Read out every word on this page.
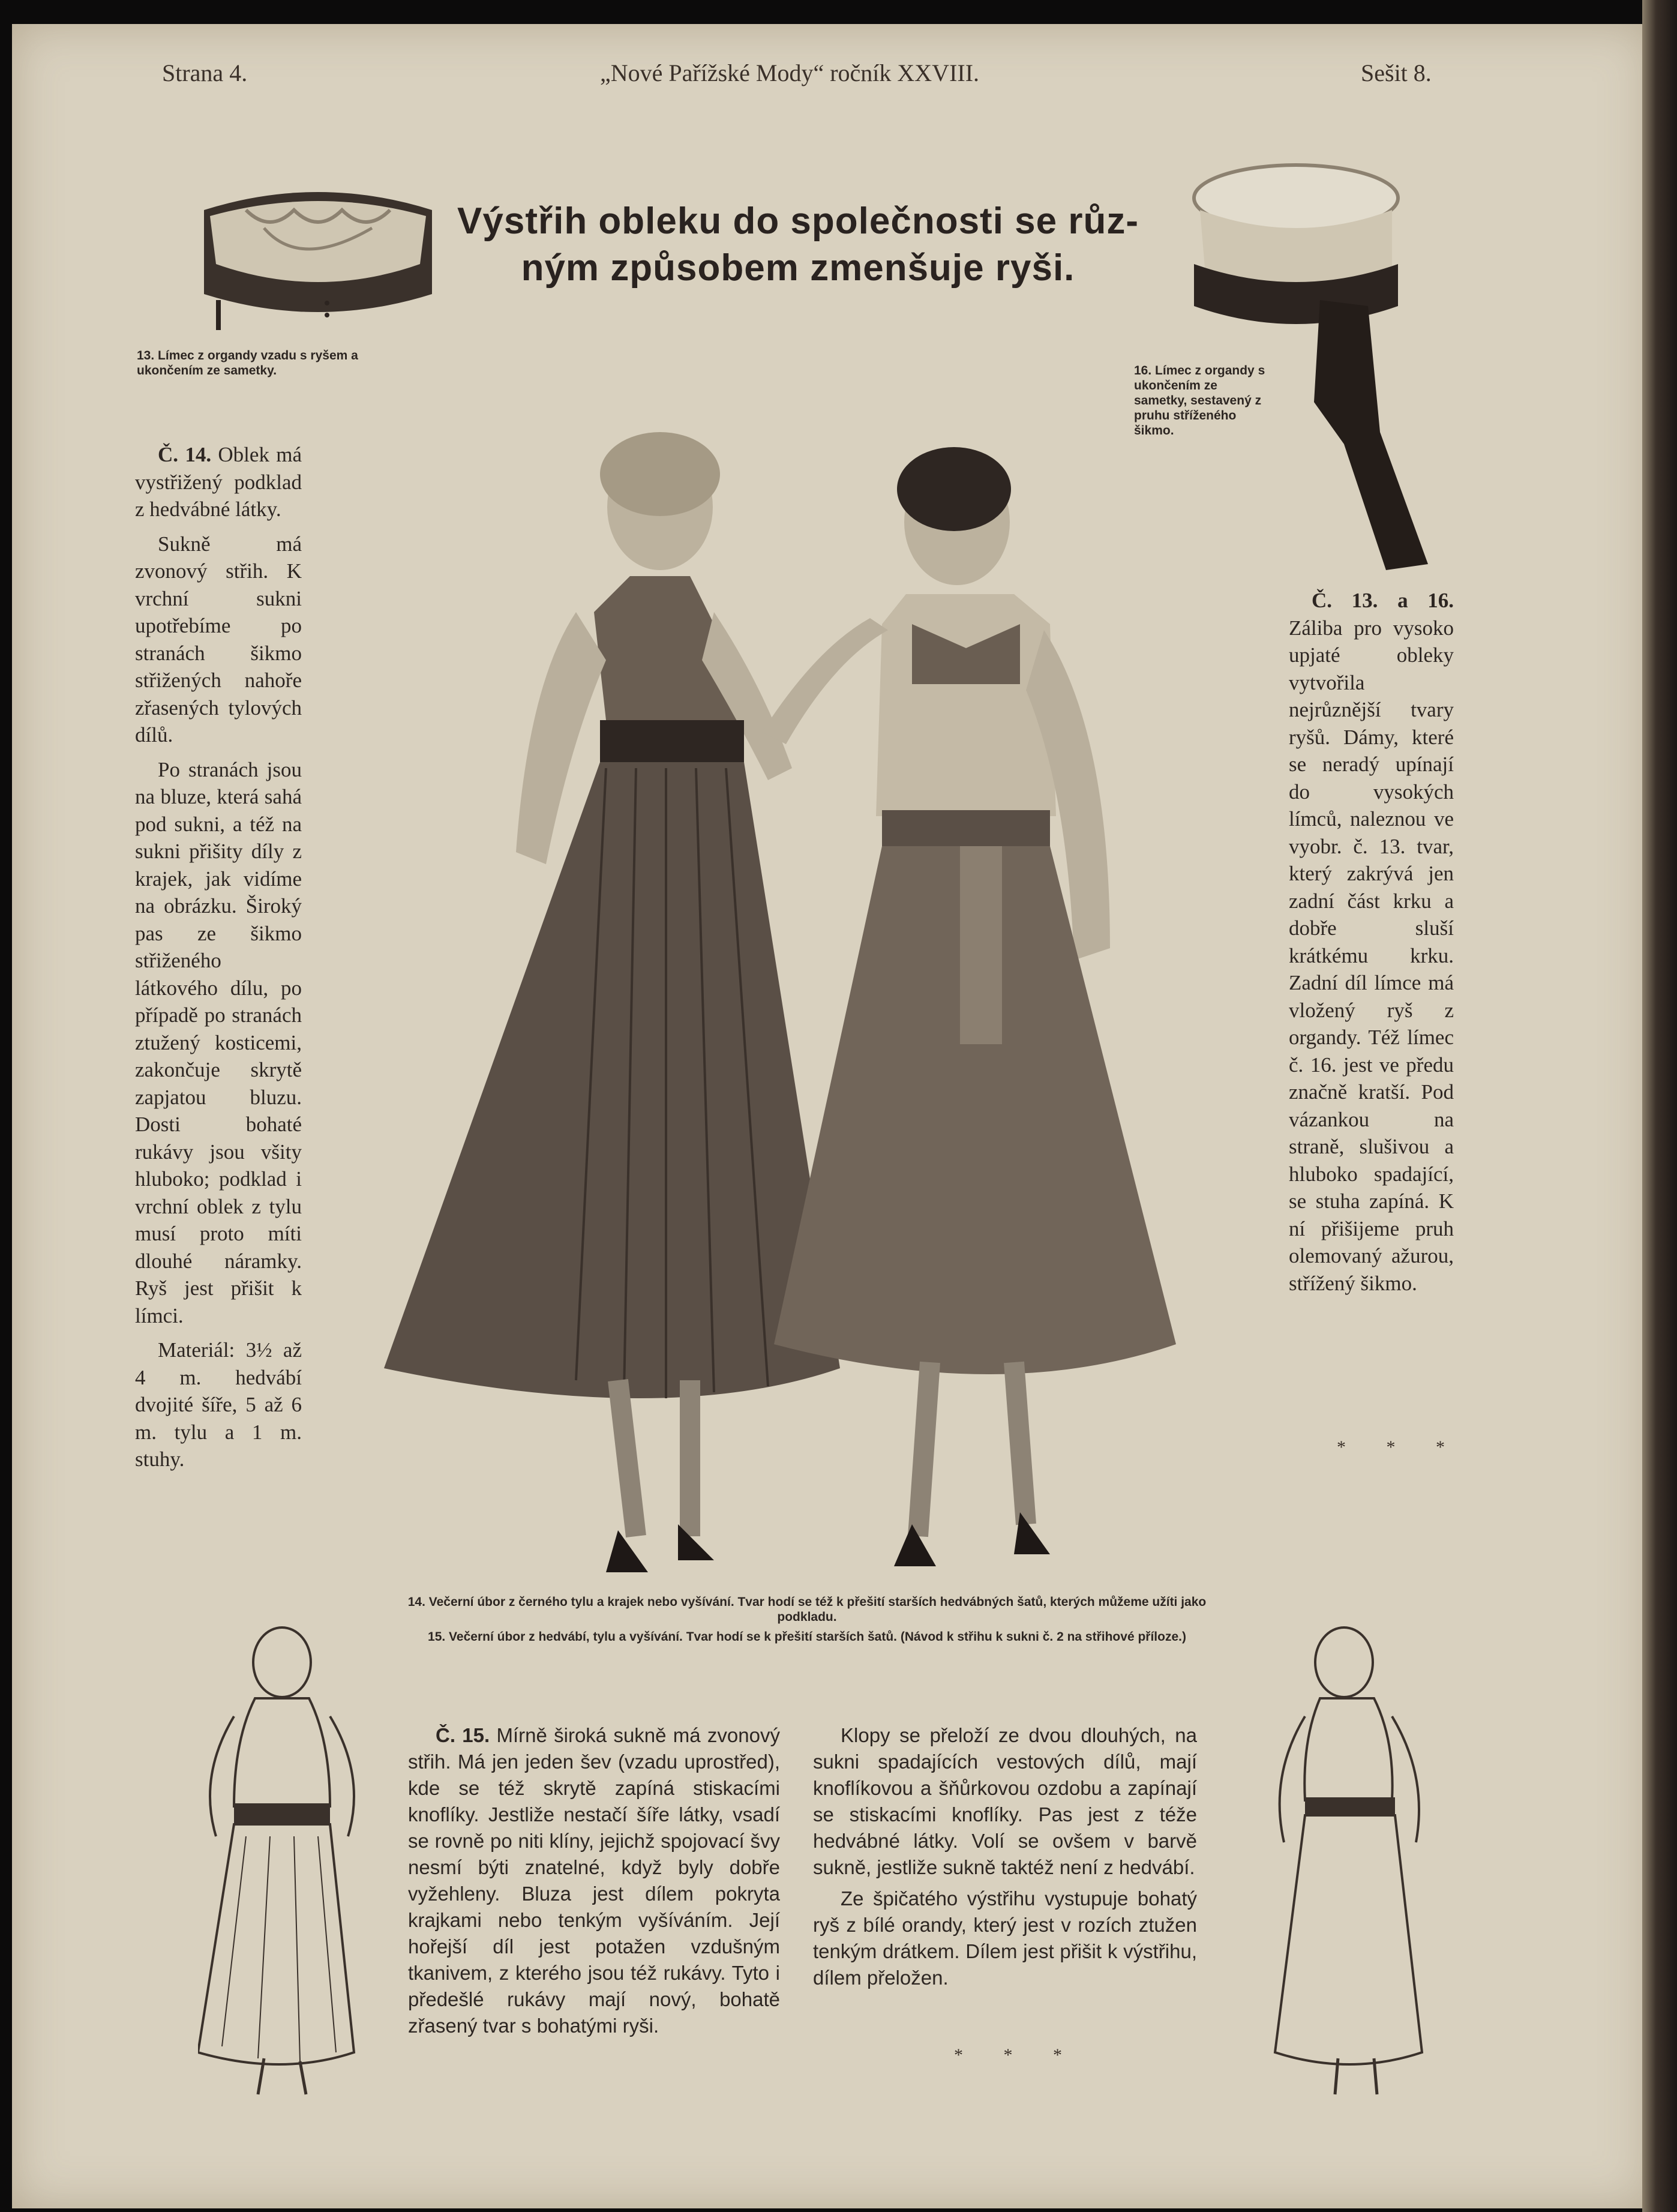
Strana 4.	„Nové Pařížské Mody“ ročník XXVIII.	Sešit 8.
Výstřih obleku do společnosti se růz-
ným způsobem zmenšuje ryši.
13. Límec z organdy vzadu s ryšem a ukončením ze sametky.	16. Límec z organdy s ukončením ze sametky, sestavený z pruhu stříženého šikmo.

Č. 14. Oblek má vystřižený podklad z hedvábné látky.

Sukně má zvonový střih. K vrchní sukni upotřebíme po stranách šikmo střižených nahoře zřasených tylových dílů.

Po stranách jsou na bluze, která sahá pod sukni, a též na sukni přišity díly z krajek, jak vidíme na obrázku. Široký pas ze šikmo střiženého látkového dílu, po případě po stranách ztužený kosticemi, zakončuje skrytě zapjatou bluzu. Dosti bohaté rukávy jsou všity hluboko; podklad i vrchní oblek z tylu musí proto míti dlouhé náramky. Ryš jest přišit k límci.

Materiál: 3½ až 4 m. hedvábí dvojité šíře, 5 až 6 m. tylu a 1 m. stuhy.

Č. 13. a 16. Záliba pro vysoko upjaté obleky vytvořila nejrůznější tvary ryšů. Dámy, které se neradý upínají do vysokých límců, naleznou ve vyobr. č. 13. tvar, který zakrývá jen zadní část krku a dobře sluší krátkému krku. Zadní díl límce má vložený ryš z organdy. Též límec č. 16. jest ve předu značně kratší. Pod vázankou na straně, slušivou a hluboko spadající, se stuha zapíná. K ní přišijeme pruh olemovaný ažurou, střížený šikmo.

* * *
14. Večerní úbor z černého tylu a krajek nebo vyšívání. Tvar hodí se též k přešití starších hedvábných šatů, kterých můžeme užíti jako podkladu.
15. Večerní úbor z hedvábí, tylu a vyšívání. Tvar hodí se k přešití starších šatů. (Návod k střihu k sukni č. 2 na střihové příloze.)

Č. 15. Mírně široká sukně má zvonový střih. Má jen jeden šev (vzadu uprostřed), kde se též skrytě zapíná stiskacími knoflíky. Jestliže nestačí šíře látky, vsadí se rovně po niti klíny, jejichž spojovací švy nesmí býti znatelné, když byly dobře vyžehleny. Bluza jest dílem pokryta krajkami nebo tenkým vyšíváním. Její hořejší díl jest potažen vzdušným tkanivem, z kterého jsou též rukávy. Tyto i předešlé rukávy mají nový, bohatě zřasený tvar s bohatými ryši.

Klopy se přeloží ze dvou dlouhých, na sukni spadajících vestových dílů, mají knoflíkovou a šňůrkovou ozdobu a zapínají se stiskacími knoflíky. Pas jest z téže hedvábné látky. Volí se ovšem v barvě sukně, jestliže sukně taktéž není z hedvábí.

Ze špičatého výstřihu vystupuje bohatý ryš z bílé orandy, který jest v rozích ztužen tenkým drátkem. Dílem jest přišit k výstřihu, dílem přeložen.

* * *
